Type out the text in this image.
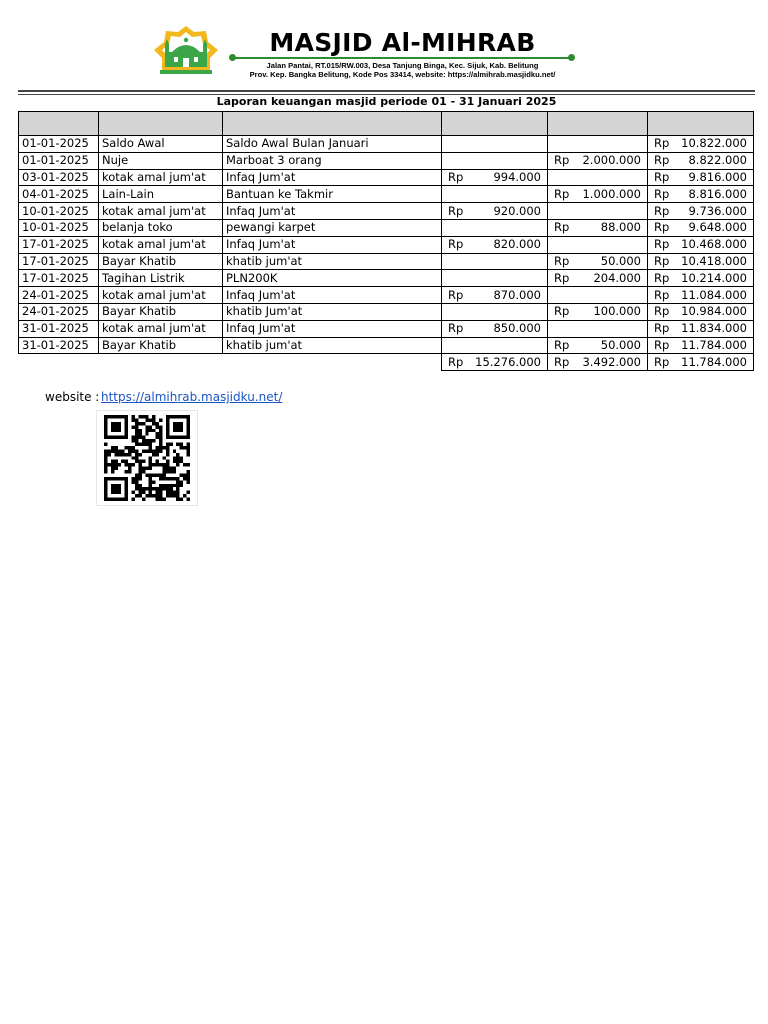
MASJID Al-MIHRAB
Jalan Pantai, RT.015/RW.003, Desa Tanjung Binga, Kec. Sijuk, Kab. Belitung
Prov. Kep. Bangka Belitung, Kode Pos 33414, website: https://almihrab.masjidku.net/
Laporan keuangan masjid periode 01 - 31 Januari 2025

01-01-2025	Saldo Awal	Saldo Awal Bulan Januari			Rp 10.822.000

01-01-2025	Nuje	Marboat 3 orang		Rp 2.000.000	Rp 8.822.000

03-01-2025	kotak amal jum'at	Infaq Jum'at	Rp 994.000		Rp 9.816.000

04-01-2025	Lain-Lain	Bantuan ke Takmir		Rp 1.000.000	Rp 8.816.000

10-01-2025	kotak amal jum'at	Infaq Jum'at	Rp 920.000		Rp 9.736.000

10-01-2025	belanja toko	pewangi karpet		Rp 88.000	Rp 9.648.000

17-01-2025	kotak amal jum'at	Infaq Jum'at	Rp 820.000		Rp 10.468.000

17-01-2025	Bayar Khatib	khatib jum'at		Rp 50.000	Rp 10.418.000

17-01-2025	Tagihan Listrik	PLN200K		Rp 204.000	Rp 10.214.000

24-01-2025	kotak amal jum'at	Infaq Jum'at	Rp 870.000		Rp 11.084.000

24-01-2025	Bayar Khatib	khatib Jum'at		Rp 100.000	Rp 10.984.000

31-01-2025	kotak amal jum'at	Infaq Jum'at	Rp 850.000		Rp 11.834.000

31-01-2025	Bayar Khatib	khatib jum'at		Rp 50.000	Rp 11.784.000

			Rp 15.276.000	Rp 3.492.000	Rp 11.784.000
website : https://almihrab.masjidku.net/
